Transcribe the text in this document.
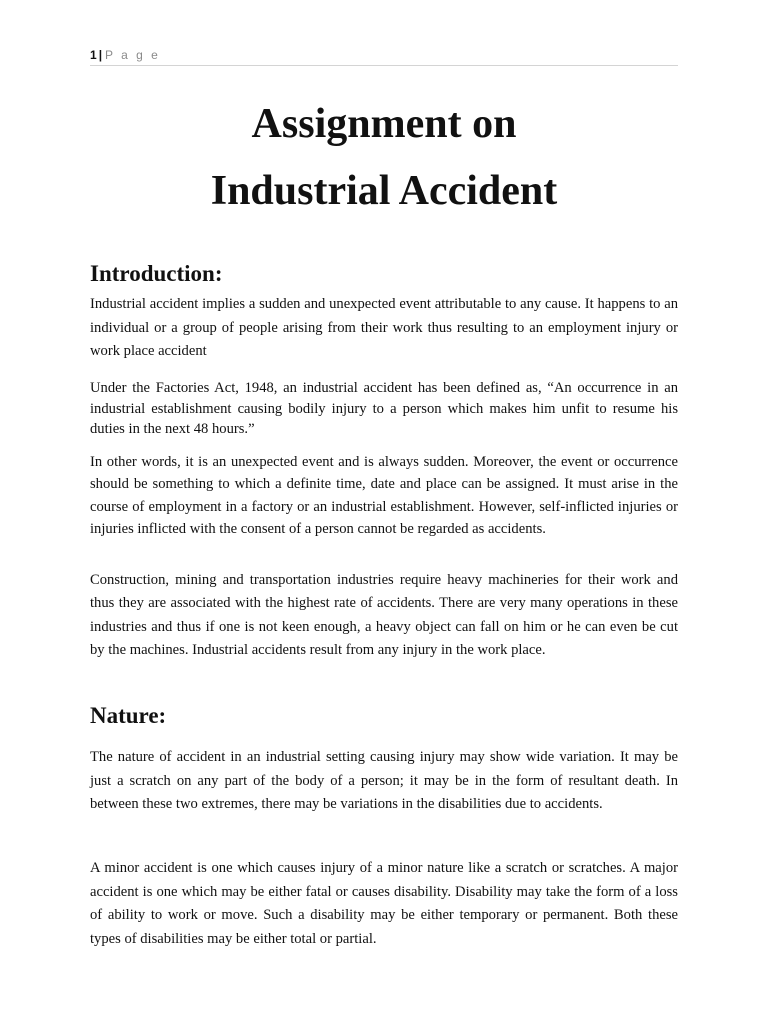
1 | P a g e
Assignment on
Industrial Accident
Introduction:

Industrial accident implies a sudden and unexpected event attributable to any cause. It happens to an individual or a group of people arising from their work thus resulting to an employment injury or work place accident

Under the Factories Act, 1948, an industrial accident has been defined as, “An occurrence in an industrial establishment causing bodily injury to a person which makes him unfit to resume his duties in the next 48 hours.”

In other words, it is an unexpected event and is always sudden. Moreover, the event or occurrence should be something to which a definite time, date and place can be assigned. It must arise in the course of employment in a factory or an industrial establishment. However, self-inflicted injuries or injuries inflicted with the consent of a person cannot be regarded as accidents.

Construction, mining and transportation industries require heavy machineries for their work and thus they are associated with the highest rate of accidents. There are very many operations in these industries and thus if one is not keen enough, a heavy object can fall on him or he can even be cut by the machines. Industrial accidents result from any injury in the work place.

Nature:

The nature of accident in an industrial setting causing injury may show wide variation. It may be just a scratch on any part of the body of a person; it may be in the form of resultant death. In between these two extremes, there may be variations in the disabilities due to accidents.

A minor accident is one which causes injury of a minor nature like a scratch or scratches. A major accident is one which may be either fatal or causes disability. Disability may take the form of a loss of ability to work or move. Such a disability may be either temporary or permanent. Both these types of disabilities may be either total or partial.
